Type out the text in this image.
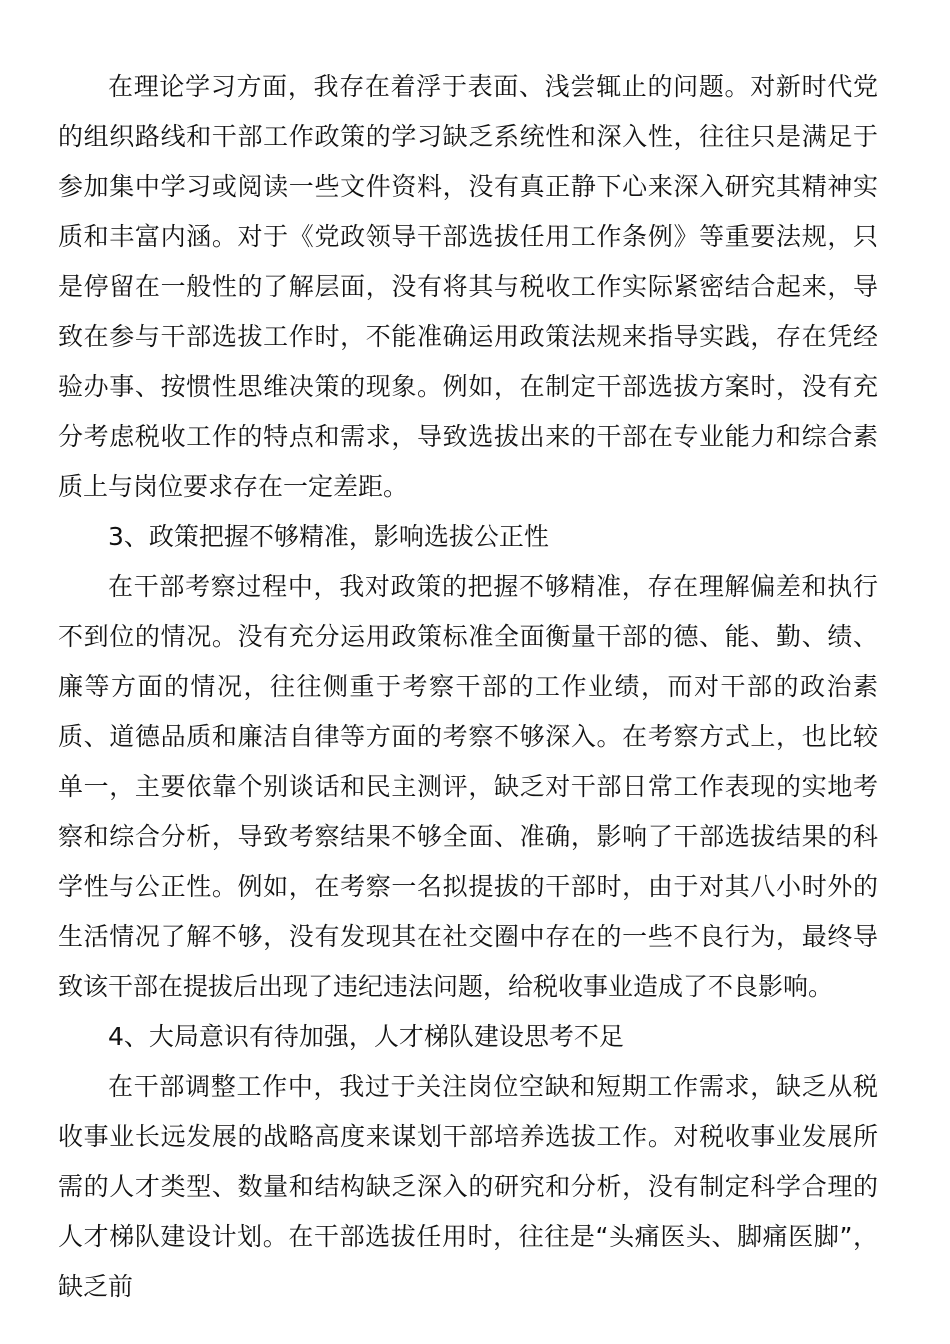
在理论学习方面，我存在着浮于表面、浅尝辄止的问题。对新时代党的组织路线和干部工作政策的学习缺乏系统性和深入性，往往只是满足于参加集中学习或阅读一些文件资料，没有真正静下心来深入研究其精神实质和丰富内涵。对于《党政领导干部选拔任用工作条例》等重要法规，只是停留在一般性的了解层面，没有将其与税收工作实际紧密结合起来，导致在参与干部选拔工作时，不能准确运用政策法规来指导实践，存在凭经验办事、按惯性思维决策的现象。例如，在制定干部选拔方案时，没有充分考虑税收工作的特点和需求，导致选拔出来的干部在专业能力和综合素质上与岗位要求存在一定差距。

3、政策把握不够精准，影响选拔公正性

在干部考察过程中，我对政策的把握不够精准，存在理解偏差和执行不到位的情况。没有充分运用政策标准全面衡量干部的德、能、勤、绩、廉等方面的情况，往往侧重于考察干部的工作业绩，而对干部的政治素质、道德品质和廉洁自律等方面的考察不够深入。在考察方式上，也比较单一，主要依靠个别谈话和民主测评，缺乏对干部日常工作表现的实地考察和综合分析，导致考察结果不够全面、准确，影响了干部选拔结果的科学性与公正性。例如，在考察一名拟提拔的干部时，由于对其八小时外的生活情况了解不够，没有发现其在社交圈中存在的一些不良行为，最终导致该干部在提拔后出现了违纪违法问题，给税收事业造成了不良影响。

4、大局意识有待加强，人才梯队建设思考不足

在干部调整工作中，我过于关注岗位空缺和短期工作需求，缺乏从税收事业长远发展的战略高度来谋划干部培养选拔工作。对税收事业发展所需的人才类型、数量和结构缺乏深入的研究和分析，没有制定科学合理的人才梯队建设计划。在干部选拔任用时，往往是“头痛医头、脚痛医脚”，缺乏前
